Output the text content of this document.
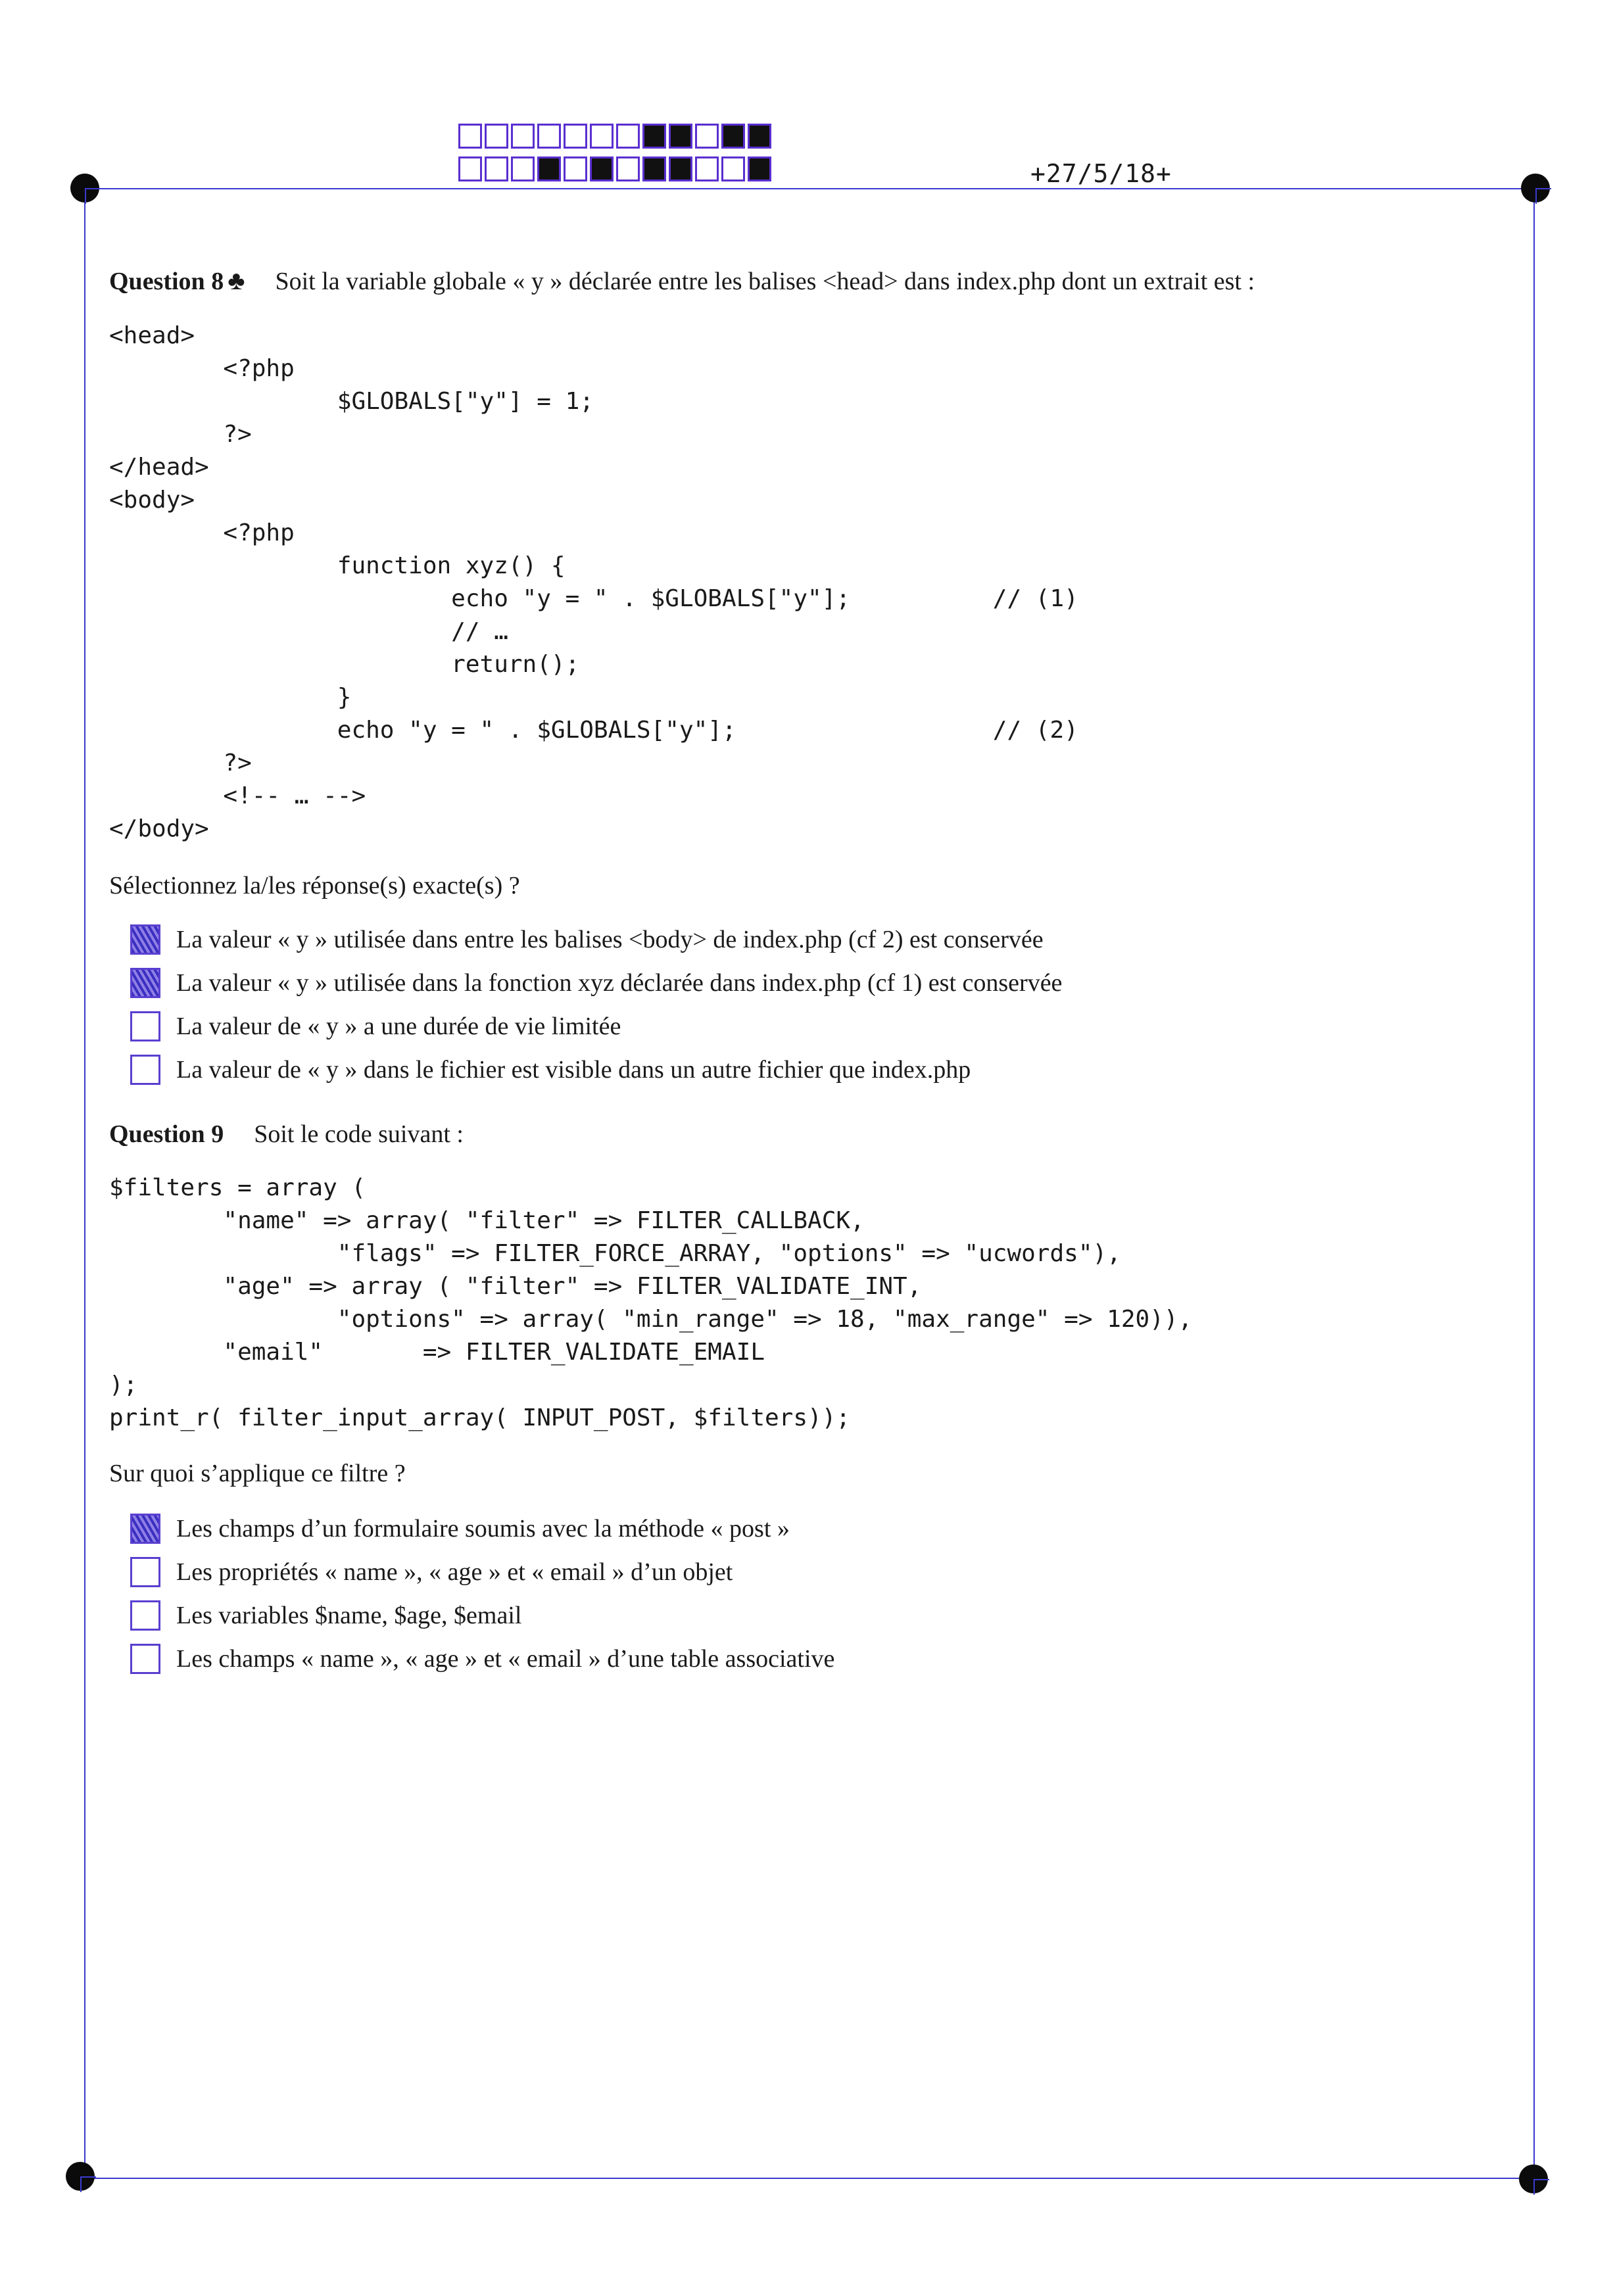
+27/5/18+
Question 8 ♣ Soit la variable globale « y » déclarée entre les balises <head> dans index.php dont un extrait est :
<head>
<?php
$GLOBALS["y"] = 1;
?>
</head>
<body>
<?php
function xyz() {
echo "y = " . $GLOBALS["y"];          // (1)
// …
return();
}
echo "y = " . $GLOBALS["y"];                  // (2)
?>
<!-- … -->
</body>
Sélectionnez la/les réponse(s) exacte(s) ?
La valeur « y » utilisée dans entre les balises <body> de index.php (cf 2) est conservée
La valeur « y » utilisée dans la fonction xyz déclarée dans index.php (cf 1) est conservée
La valeur de « y » a une durée de vie limitée
La valeur de « y » dans le fichier est visible dans un autre fichier que index.php
Question 9 Soit le code suivant :
$filters = array (
"name" => array( "filter" => FILTER_CALLBACK,
"flags" => FILTER_FORCE_ARRAY, "options" => "ucwords"),
"age" => array ( "filter" => FILTER_VALIDATE_INT,
"options" => array( "min_range" => 18, "max_range" => 120)),
"email"       => FILTER_VALIDATE_EMAIL
);
print_r( filter_input_array( INPUT_POST, $filters));
Sur quoi s’applique ce filtre ?
Les champs d’un formulaire soumis avec la méthode « post »
Les propriétés « name », « age » et « email » d’un objet
Les variables $name, $age, $email
Les champs « name », « age » et « email » d’une table associative
